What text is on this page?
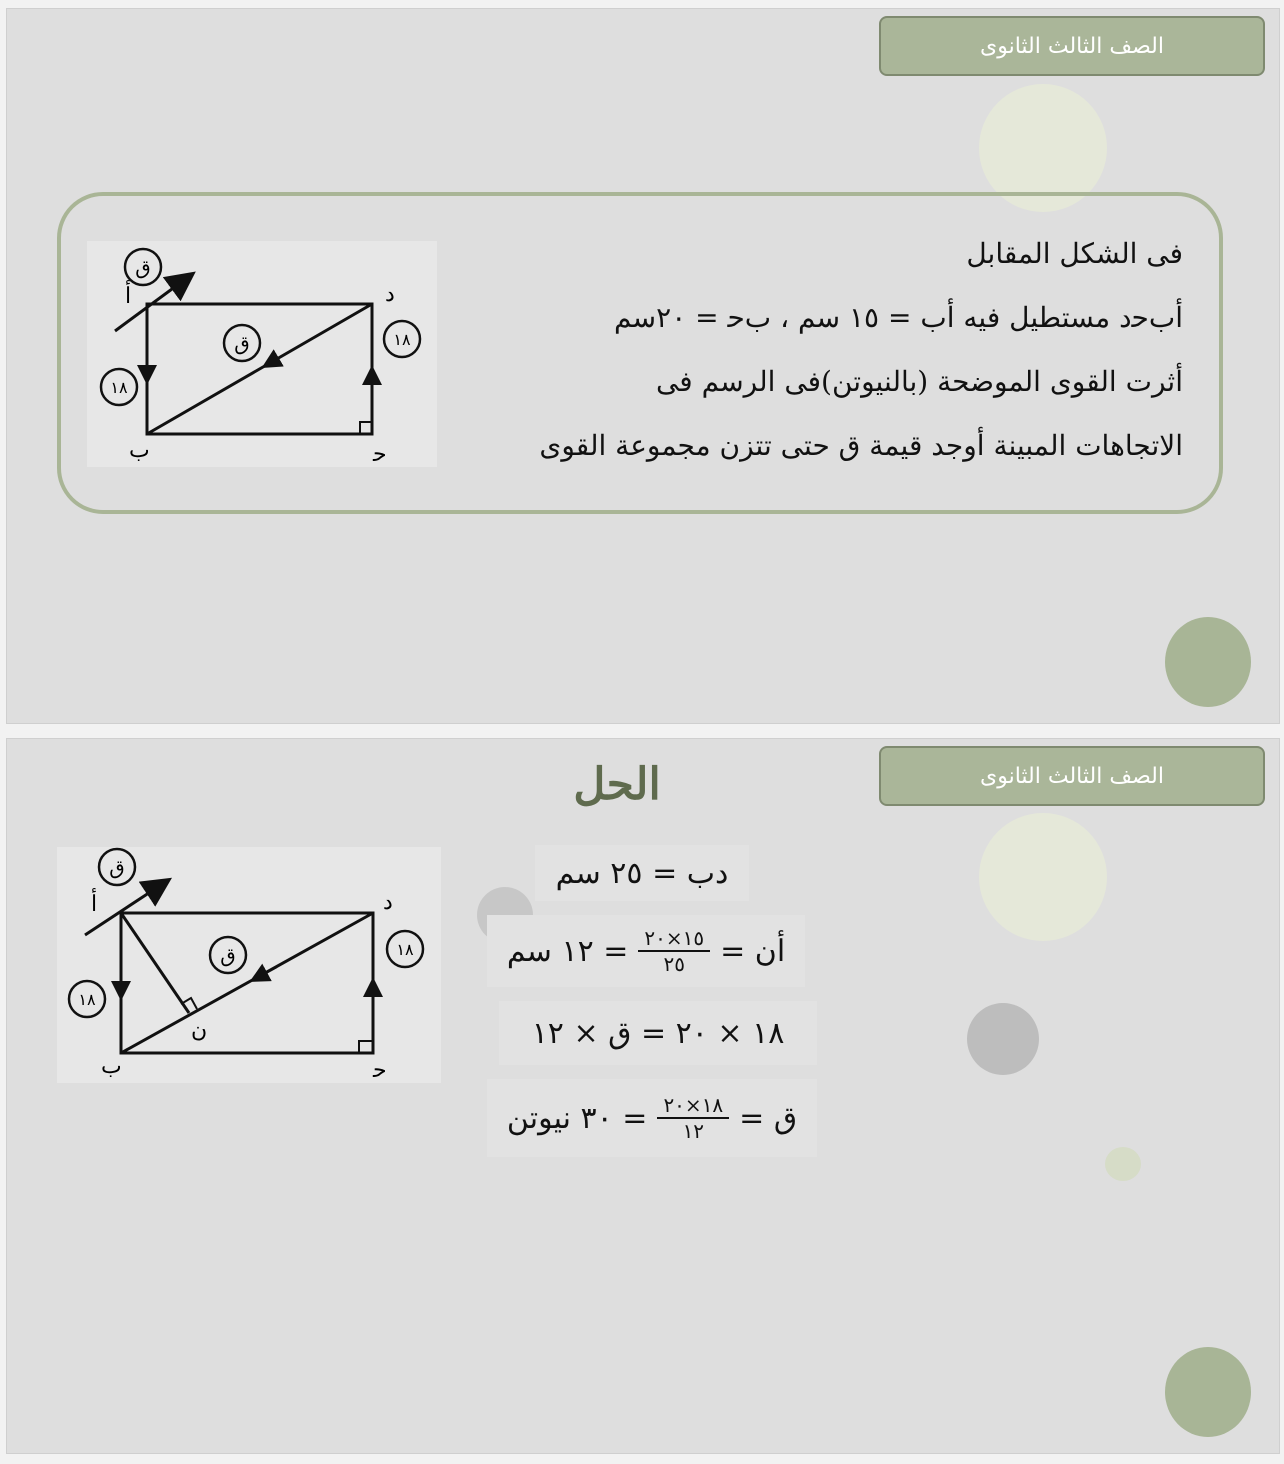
الصف الثالث الثانوى
ﻕ
ﻕ
١٨
١٨
ﺃ	ﺩ
ﺏ	ﺣ
فى الشكل المقابل
ﺃﺏﺣﺩ مستطيل فيه ﺃﺏ = ١٥ سم ، ﺏﺣ = ٢٠سم
أثرت القوى الموضحة (بالنيوتن)فى الرسم فى
الاتجاهات المبينة أوجد قيمة ﻕ حتى تتزن مجموعة القوى
الصف الثالث الثانوى
الحل
ﻕ
ﻕ
١٨
١٨
ﺃ	ﺩ
ﺏ	ﺣ
ﻥ
ﺩﺏ = ٢٥ سم
ﺃﻥ =
$\frac{١٥\times ٢٠}{٢٥}$
= ١٢ سم
١٨ × ٢٠ = ﻕ × ١٢
ﻕ =
$\frac{١٨\times ٢٠}{١٢}$
= ٣٠ نيوتن
